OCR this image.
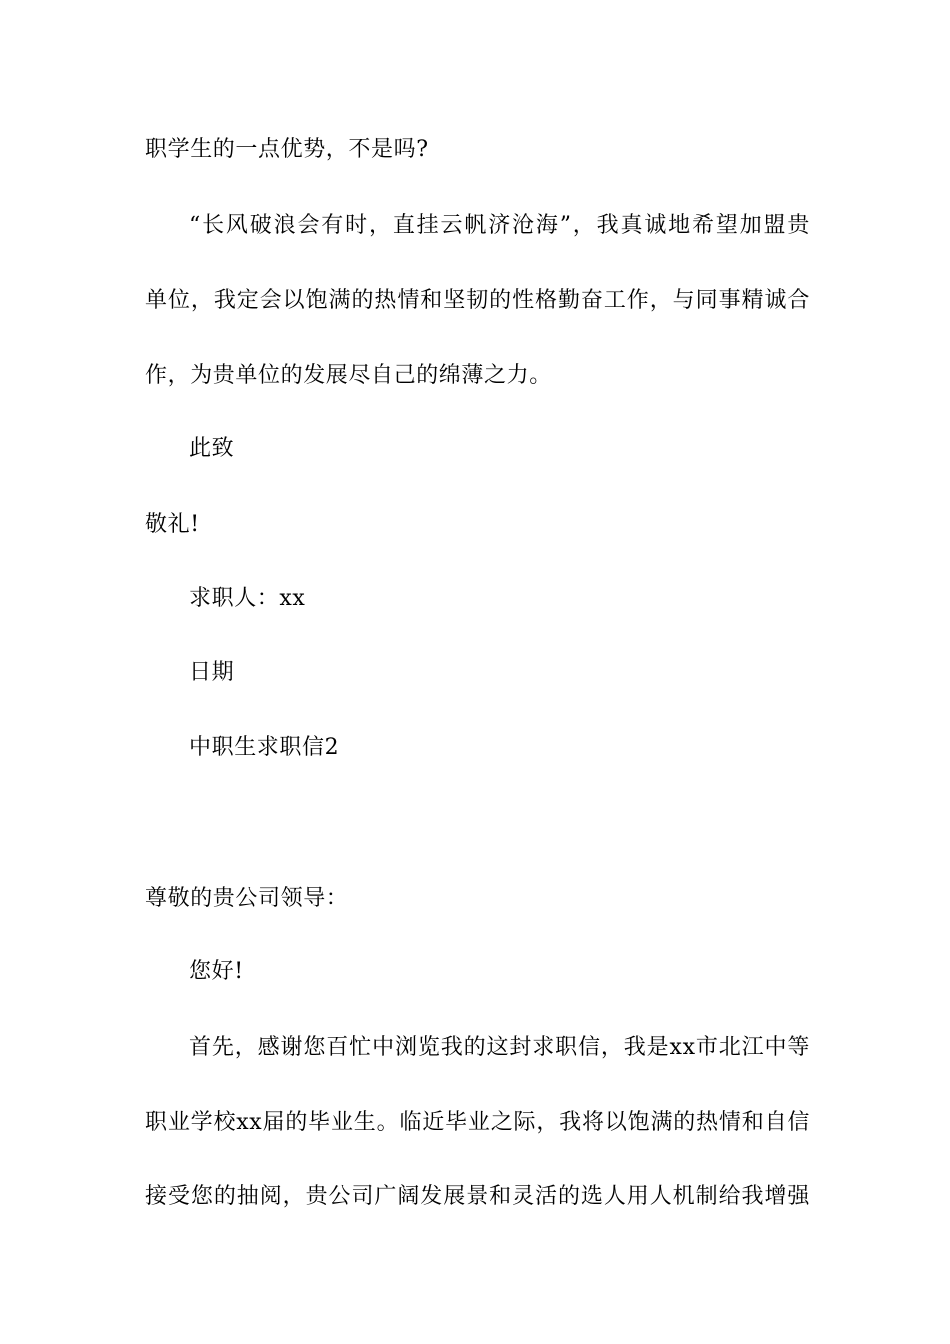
职学生的一点优势，不是吗?
“长风破浪会有时，直挂云帆济沧海”，我真诚地希望加盟贵
单位，我定会以饱满的热情和坚韧的性格勤奋工作，与同事精诚合
作，为贵单位的发展尽自己的绵薄之力。
此致
敬礼!
求职人：xx
日期
中职生求职信2
尊敬的贵公司领导：
您好!
首先，感谢您百忙中浏览我的这封求职信，我是xx市北江中等
职业学校xx届的毕业生。临近毕业之际，我将以饱满的热情和自信
接受您的抽阅，贵公司广阔发展景和灵活的选人用人机制给我增强
